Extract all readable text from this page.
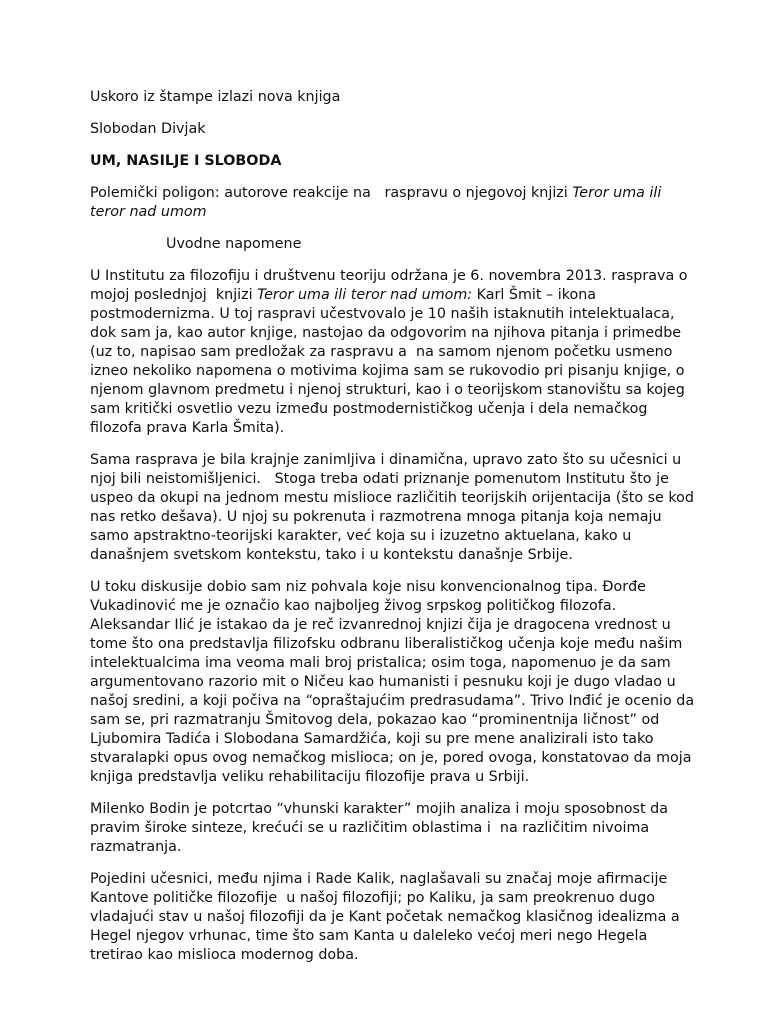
Uskoro iz štampe izlazi nova knjiga

Slobodan Divjak

UM, NASILJE I SLOBODA

Polemički poligon: autorove reakcije na   raspravu o njegovoj knjizi Teror uma ili
teror nad umom

Uvodne napomene

U Institutu za filozofiju i društvenu teoriju održana je 6. novembra 2013. rasprava o
mojoj poslednjoj  knjizi Teror uma ili teror nad umom: Karl Šmit – ikona
postmodernizma. U toj raspravi učestvovalo je 10 naših istaknutih intelektualaca,
dok sam ja, kao autor knjige, nastojao da odgovorim na njihova pitanja i primedbe
(uz to, napisao sam predložak za raspravu a  na samom njenom početku usmeno
izneo nekoliko napomena o motivima kojima sam se rukovodio pri pisanju knjige, o
njenom glavnom predmetu i njenoj strukturi, kao i o teorijskom stanovištu sa kojeg
sam kritički osvetlio vezu između postmodernističkog učenja i dela nemačkog
filozofa prava Karla Šmita).

Sama rasprava je bila krajnje zanimljiva i dinamična, upravo zato što su učesnici u
njoj bili neistomišljenici.   Stoga treba odati priznanje pomenutom Institutu što je
uspeo da okupi na jednom mestu mislioce različitih teorijskih orijentacija (što se kod
nas retko dešava). U njoj su pokrenuta i razmotrena mnoga pitanja koja nemaju
samo apstraktno-teorijski karakter, već koja su i izuzetno aktuelana, kako u
današnjem svetskom kontekstu, tako i u kontekstu današnje Srbije.

U toku diskusije dobio sam niz pohvala koje nisu konvencionalnog tipa. Đorđe
Vukadinović me je označio kao najboljeg živog srpskog političkog filozofa.
Aleksandar Ilić je istakao da je reč izvanrednoj knjizi čija je dragocena vrednost u
tome što ona predstavlja filizofsku odbranu liberalističkog učenja koje među našim
intelektualcima ima veoma mali broj pristalica; osim toga, napomenuo je da sam
argumentovano razorio mit o Ničeu kao humanisti i pesnuku koji je dugo vladao u
našoj sredini, a koji počiva na “opraštajućim predrasudama”. Trivo Inđić je ocenio da
sam se, pri razmatranju Šmitovog dela, pokazao kao “prominentnija ličnost” od
Ljubomira Tadića i Slobodana Samardžića, koji su pre mene analizirali isto tako
stvaralapki opus ovog nemačkog mislioca; on je, pored ovoga, konstatovao da moja
knjiga predstavlja veliku rehabilitaciju filozofije prava u Srbiji.

Milenko Bodin je potcrtao “vhunski karakter” mojih analiza i moju sposobnost da
pravim široke sinteze, krećući se u različitim oblastima i  na različitim nivoima
razmatranja.

Pojedini učesnici, među njima i Rade Kalik, naglašavali su značaj moje afirmacije
Kantove političke filozofije  u našoj filozofiji; po Kaliku, ja sam preokrenuo dugo
vladajući stav u našoj filozofiji da je Kant početak nemačkog klasičnog idealizma a
Hegel njegov vrhunac, time što sam Kanta u daleleko većoj meri nego Hegela
tretirao kao mislioca modernog doba.
